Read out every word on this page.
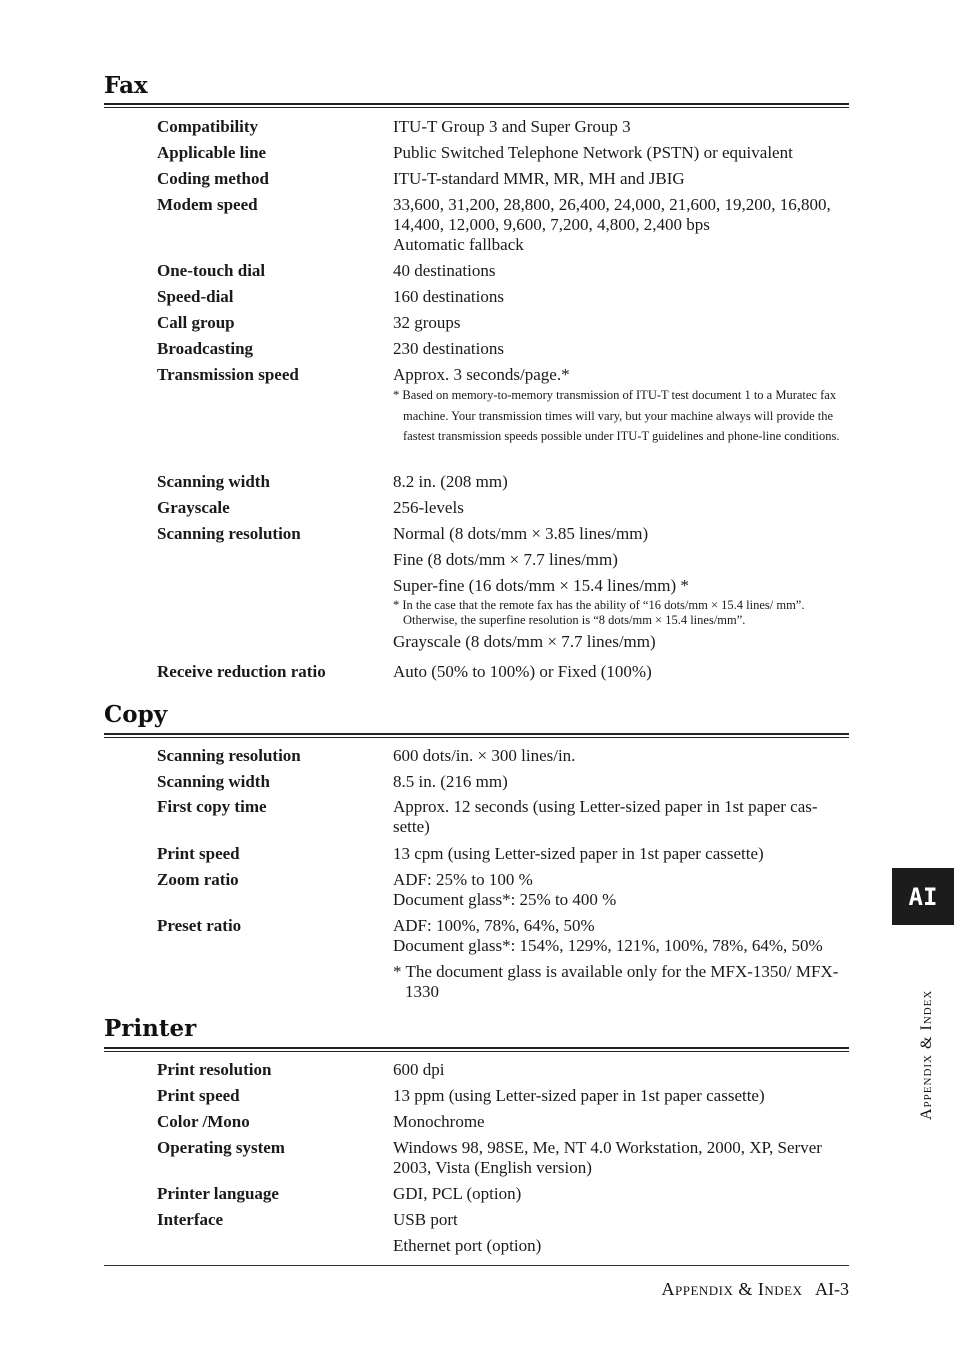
Fax
Compatibility	ITU-T Group 3 and Super Group 3
Applicable line	Public Switched Telephone Network (PSTN) or equivalent
Coding method	ITU-T-standard MMR, MR, MH and JBIG
Modem speed	33,600, 31,200, 28,800, 26,400, 24,000, 21,600, 19,200, 16,800,
14,400, 12,000, 9,600, 7,200, 4,800, 2,400 bps
Automatic fallback
One-touch dial	40 destinations
Speed-dial	160 destinations
Call group	32 groups
Broadcasting	230 destinations
Transmission speed	Approx. 3 seconds/page.*
* Based on memory-to-memory transmission of ITU-T test document 1 to a Muratec fax machine. Your transmission times will vary, but your machine always will provide the fastest transmission speeds possible under ITU-T guidelines and phone-line conditions.
Scanning width	8.2 in. (208 mm)
Grayscale	256-levels
Scanning resolution	Normal (8 dots/mm × 3.85 lines/mm)
Fine (8 dots/mm × 7.7 lines/mm)
Super-fine (16 dots/mm × 15.4 lines/mm) *
* In the case that the remote fax has the ability of “16 dots/mm × 15.4 lines/ mm”. Otherwise, the superfine resolution is “8 dots/mm × 15.4 lines/mm”.
Grayscale (8 dots/mm × 7.7 lines/mm)
Receive reduction ratio	Auto (50% to 100%) or Fixed (100%)
Copy
Scanning resolution	600 dots/in. × 300 lines/in.
Scanning width	8.5 in. (216 mm)
First copy time	Approx. 12 seconds (using Letter-sized paper in 1st paper cas-
sette)
Print speed	13 cpm (using Letter-sized paper in 1st paper cassette)
Zoom ratio	ADF: 25% to 100 %
Document glass*: 25% to 400 %
Preset ratio	ADF: 100%, 78%, 64%, 50%
Document glass*: 154%, 129%, 121%, 100%, 78%, 64%, 50%
* The document glass is available only for the MFX-1350/ MFX-1330
Printer
Print resolution	600 dpi
Print speed	13 ppm (using Letter-sized paper in 1st paper cassette)
Color /Mono	Monochrome
Operating system	Windows 98, 98SE, Me, NT 4.0 Workstation, 2000, XP, Server
2003, Vista (English version)
Printer language	GDI, PCL (option)
Interface	USB port
Ethernet port (option)
Appendix & Index AI-3
AI
Appendix & Index
